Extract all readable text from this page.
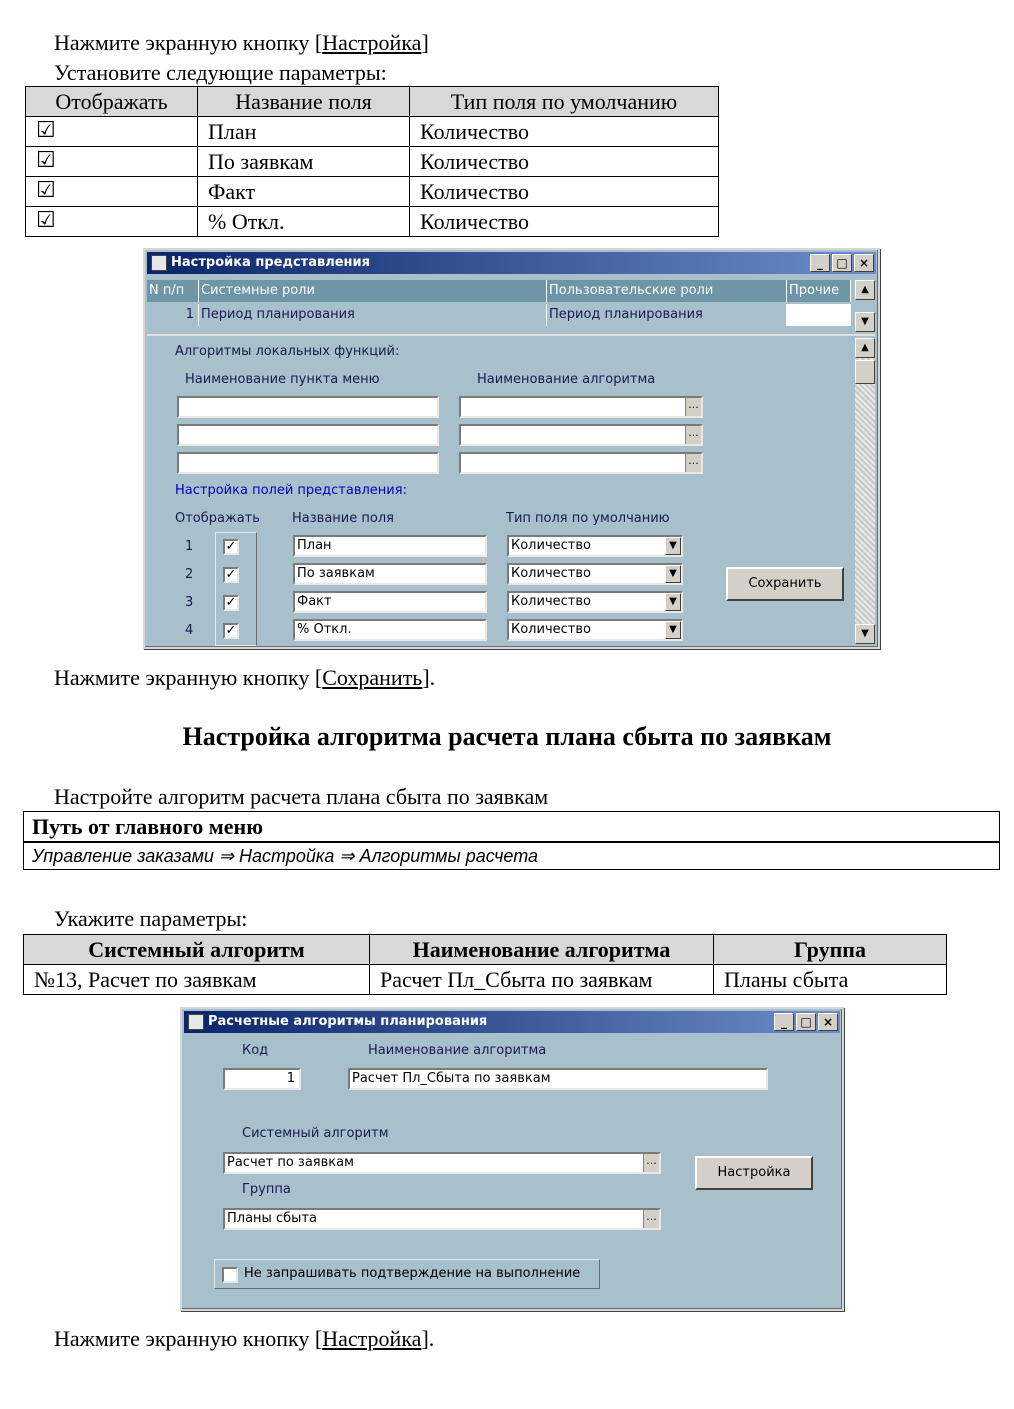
Нажмите экранную кнопку [Настройка]
Установите следующие параметры:
Отображать	Название поля	Тип поля по умолчанию
☑	План	Количество
☑	По заявкам	Количество
☑	Факт	Количество
☑	% Откл.	Количество
Настройка представления	_	□ ×
N п/п	Системные роли	Пользовательские роли	Прочие
1 Период планирования	Период планирования
▲
▼
▲
▼
Алгоритмы локальных функций:
Наименование пункта меню	Наименование алгоритма
...
...
...
Настройка полей представления:
Отображать Название поля	Тип поля по умолчанию
1 ✓	План	Количество	▼
2 ✓	По заявкам	Количество	▼
3 ✓	Факт	Количество	▼
4 ✓	% Откл.	Количество	▼
Сохранить
Нажмите экранную кнопку [Сохранить].
Настройка алгоритма расчета плана сбыта по заявкам
Настройте алгоритм расчета плана сбыта по заявкам
Путь от главного меню
Управление заказами ⇒ Настройка ⇒ Алгоритмы расчета
Укажите параметры:
Системный алгоритм	Наименование алгоритма	Группа
№13, Расчет по заявкам	Расчет Пл_Сбыта по заявкам	Планы сбыта
Расчетные алгоритмы планирования	_	□ ×
Код	Наименование алгоритма
1	Расчет Пл_Сбыта по заявкам
Системный алгоритм
Расчет по заявкам	...
Группа
Планы сбыта	...
Настройка
Не запрашивать подтверждение на выполнение
Нажмите экранную кнопку [Настройка].
